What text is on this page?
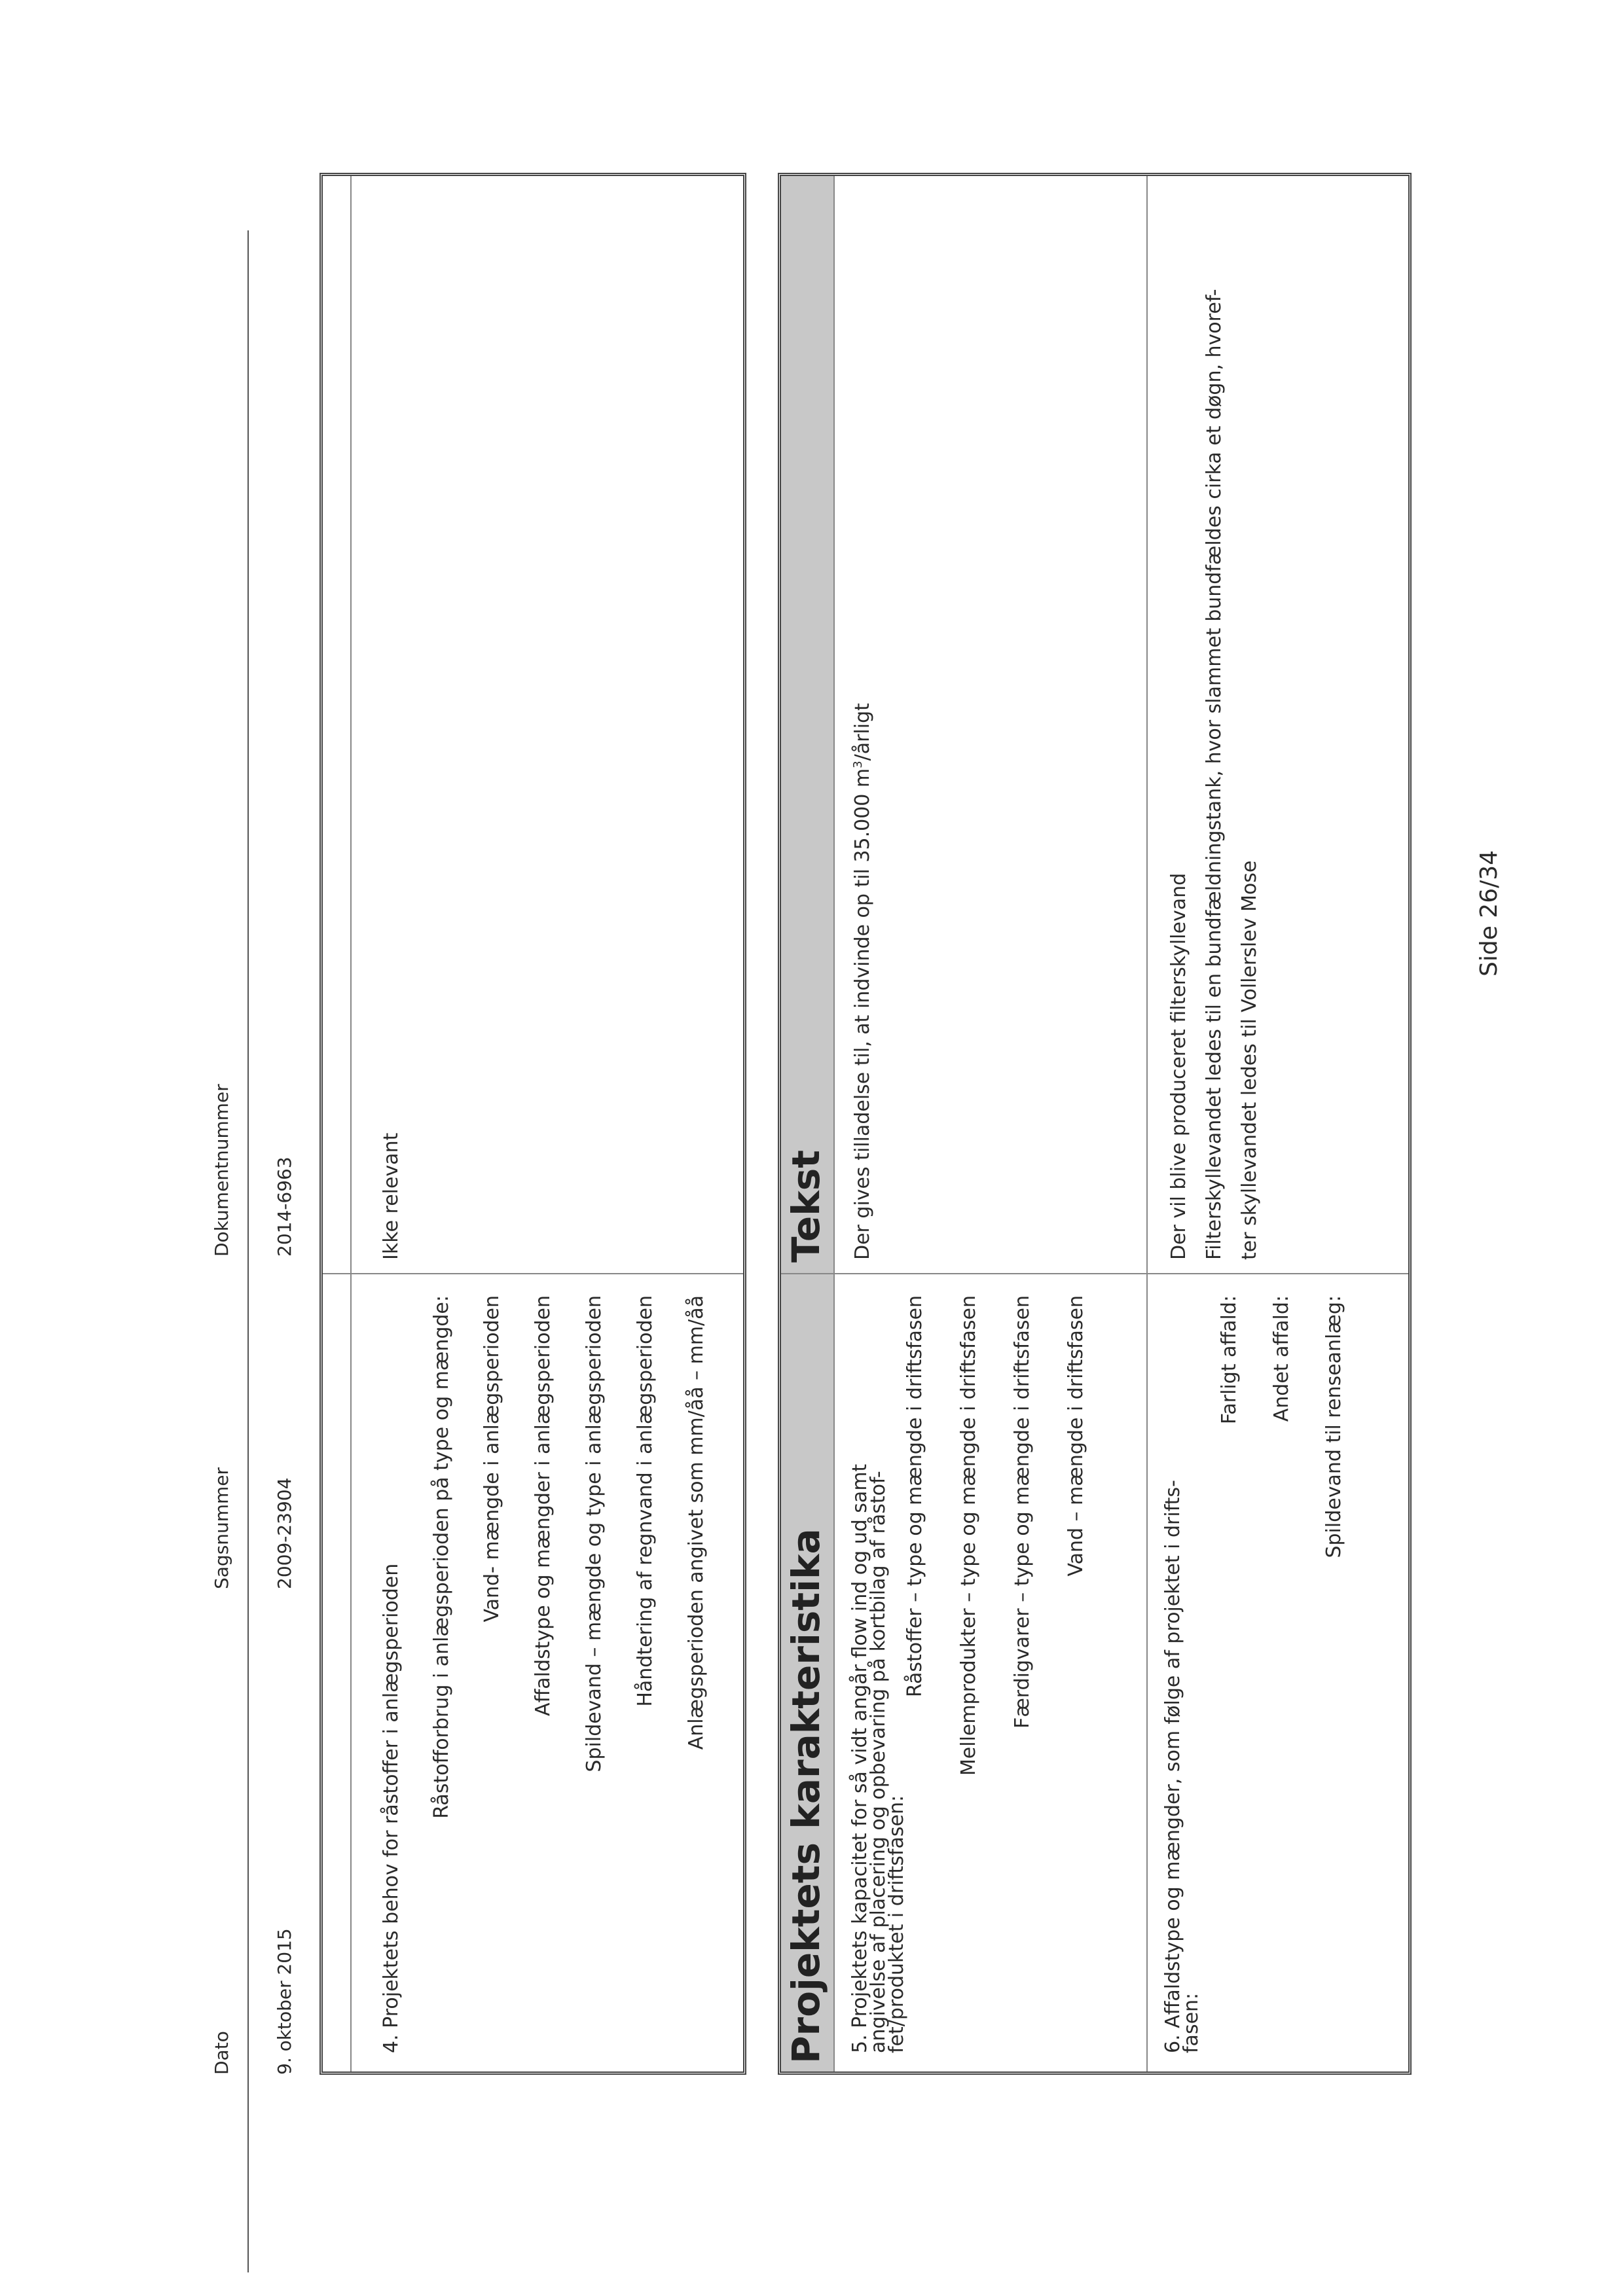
Dato 9. oktober 2015
Sagsnummer 2009-23904
Dokumentnummer 2014-6963
4. Projektets behov for råstoffer i anlægsperioden Råstofforbrug i anlægsperioden på type og mængde: Vand- mængde i anlægsperioden Affaldstype og mængder i anlægsperioden Spildevand – mængde og type i anlægsperioden Håndtering af regnvand i anlægsperioden Anlægsperioden angivet som mm/åå – mm/åå
Ikke relevant
Projektets karakteristika
Tekst
5. Projektets kapacitet for så vidt angår flow ind og ud samt
angivelse af placering og opbevaring på kortbilag af råstof-
fet/produktet i driftsfasen:
Råstoffer – type og mængde i driftsfasen Mellemprodukter – type og mængde i driftsfasen Færdigvarer – type og mængde i driftsfasen Vand – mængde i driftsfasen
Der gives tilladelse til, at indvinde op til 35.000 $m^3$/årligt
6. Affaldstype og mængder, som følge af projektet i drifts-
fasen:
Farligt affald: Andet affald: Spildevand til renseanlæg:
Der vil blive produceret filterskyllevand Filterskyllevandet ledes til en bundfældningstank, hvor slammet bundfældes cirka et døgn, hvoref- ter skyllevandet ledes til Vollerslev Mose	Side 26/34
